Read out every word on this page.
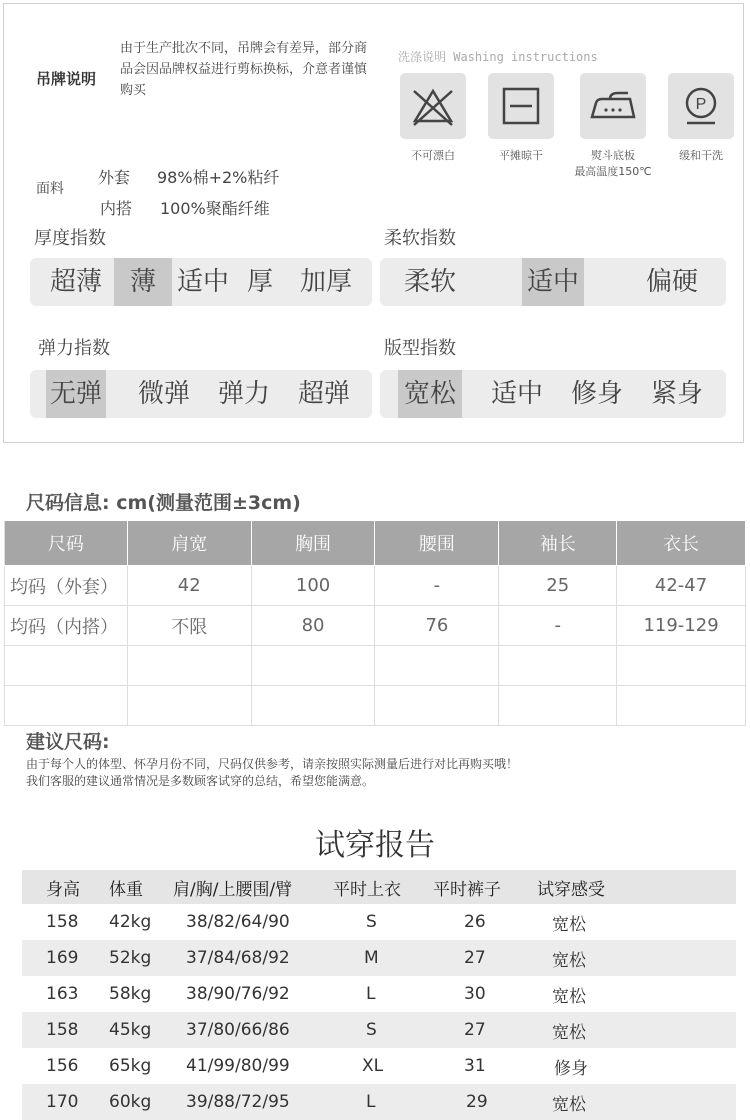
吊牌说明
由于生产批次不同，吊牌会有差异，部分商品会因品牌权益进行剪标换标，介意者谨慎购买
面料
外套 98%棉+2%粘纤
内搭 100%聚酯纤维
洗涤说明 Washing instructions
P
不可漂白	平摊晾干	熨斗底板
最高温度150℃
缓和干洗
厚度指数
超薄	薄 适中 厚	加厚
柔软指数
柔软	适中	偏硬
弹力指数
无弹	微弹	弹力	超弹
版型指数
宽松 适中 修身 紧身
尺码信息: cm(测量范围±3cm)
尺码	肩宽	胸围	腰围	袖长	衣长
均码（外套）	42	100	-	25	42-47
均码（内搭）	不限	80	76	-	119-129

建议尺码:
由于每个人的体型、怀孕月份不同，尺码仅供参考，请亲按照实际测量后进行对比再购买哦！
我们客服的建议通常情况是多数顾客试穿的总结，希望您能满意。
试穿报告
身高	体重	肩/胸/上腰围/臂	平时上衣	平时裤子	试穿感受
158	42kg	38/82/64/90	S	26	宽松
169	52kg	37/84/68/92	M	27	宽松
163	58kg	38/90/76/92	L	30	宽松
158	45kg	37/80/66/86	S	27	宽松
156	65kg	41/99/80/99	XL	31	修身
170	60kg	39/88/72/95	L	29	宽松
